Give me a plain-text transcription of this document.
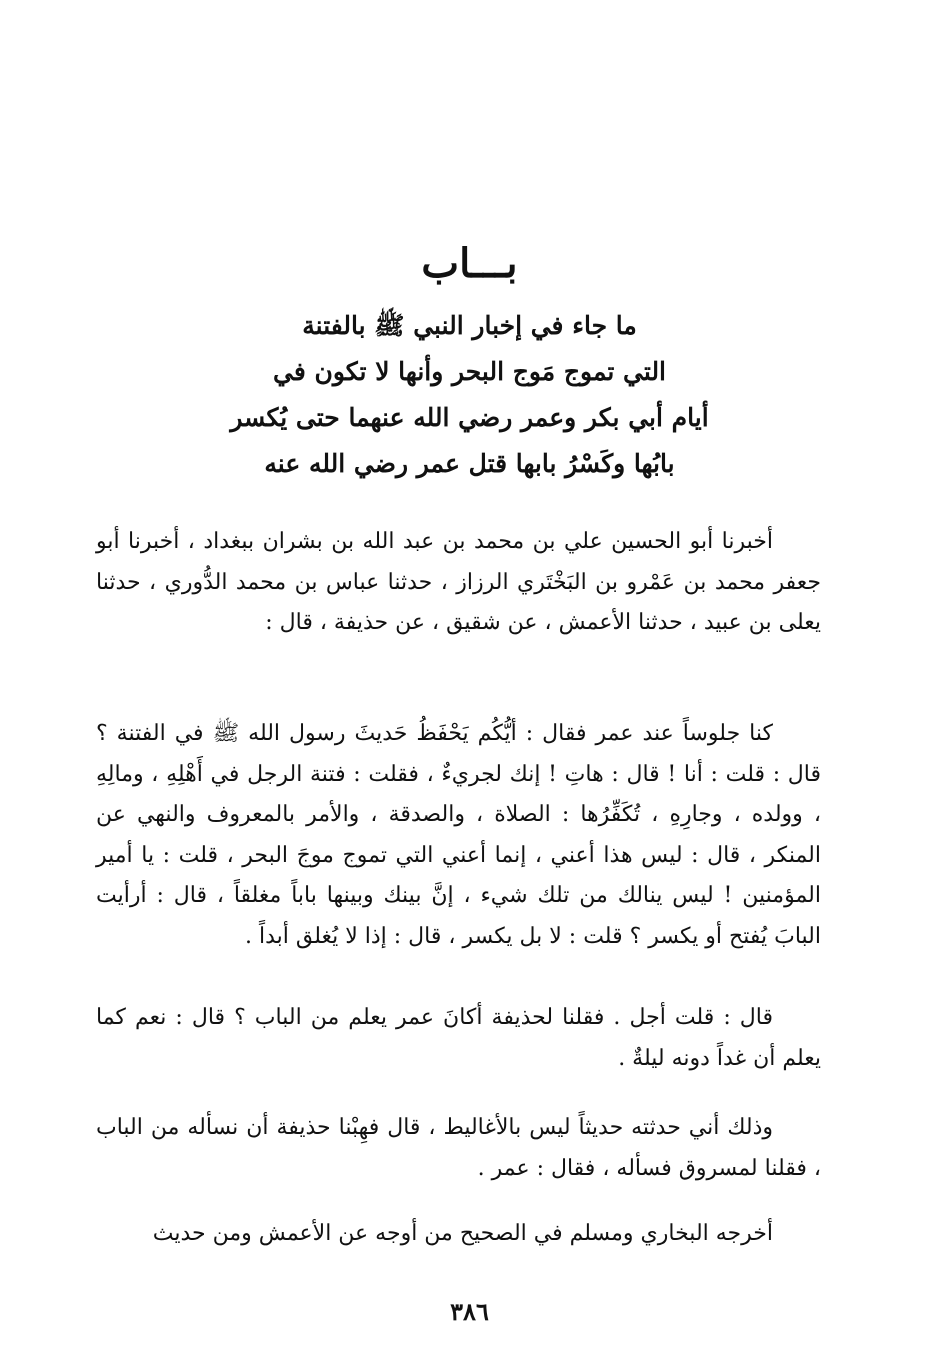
بـــاب
ما جاء في إخبار النبي ﷺ بالفتنة
التي تموج مَوج البحر وأنها لا تكون في
أيام أبي بكر وعمر رضي الله عنهما حتى يُكسر
بابُها وكَسْرُ بابها قتل عمر رضي الله عنه

أخبرنا أبو الحسين علي بن محمد بن عبد الله بن بشران ببغداد ، أخبرنا أبو جعفر محمد بن عَمْرو بن البَخْتَري الرزاز ، حدثنا عباس بن محمد الدُّوري ، حدثنا يعلى بن عبيد ، حدثنا الأعمش ، عن شقيق ، عن حذيفة ، قال :

كنا جلوساً عند عمر فقال : أيُّكُم يَحْفَظُ حَديثَ رسول الله ﷺ في الفتنة ؟ قال : قلت : أنا ! قال : هاتِ ! إنك لجريءٌ ، فقلت : فتنة الرجل في أَهْلِهِ ، ومالِهِ ، وولده ، وجارِهِ ، تُكَفِّرُها : الصلاة ، والصدقة ، والأمر بالمعروف والنهي عن المنكر ، قال : ليس هذا أعني ، إنما أعني التي تموج موجَ البحر ، قلت : يا أمير المؤمنين ! ليس ينالك من تلك شيء ، إنَّ بينك وبينها باباً مغلقاً ، قال : أرأيت البابَ يُفتح أو يكسر ؟ قلت : لا بل يكسر ، قال : إذا لا يُغلق أبداً .

قال : قلت أجل . فقلنا لحذيفة أكانَ عمر يعلم من الباب ؟ قال : نعم كما يعلم أن غداً دونه ليلةٌ .

وذلك أني حدثته حديثاً ليس بالأغاليط ، قال فهِبْنا حذيفة أن نسأله من الباب ، فقلنا لمسروق فسأله ، فقال : عمر .

أخرجه البخاري ومسلم في الصحيح من أوجه عن الأعمش ومن حديث

٣٨٦
